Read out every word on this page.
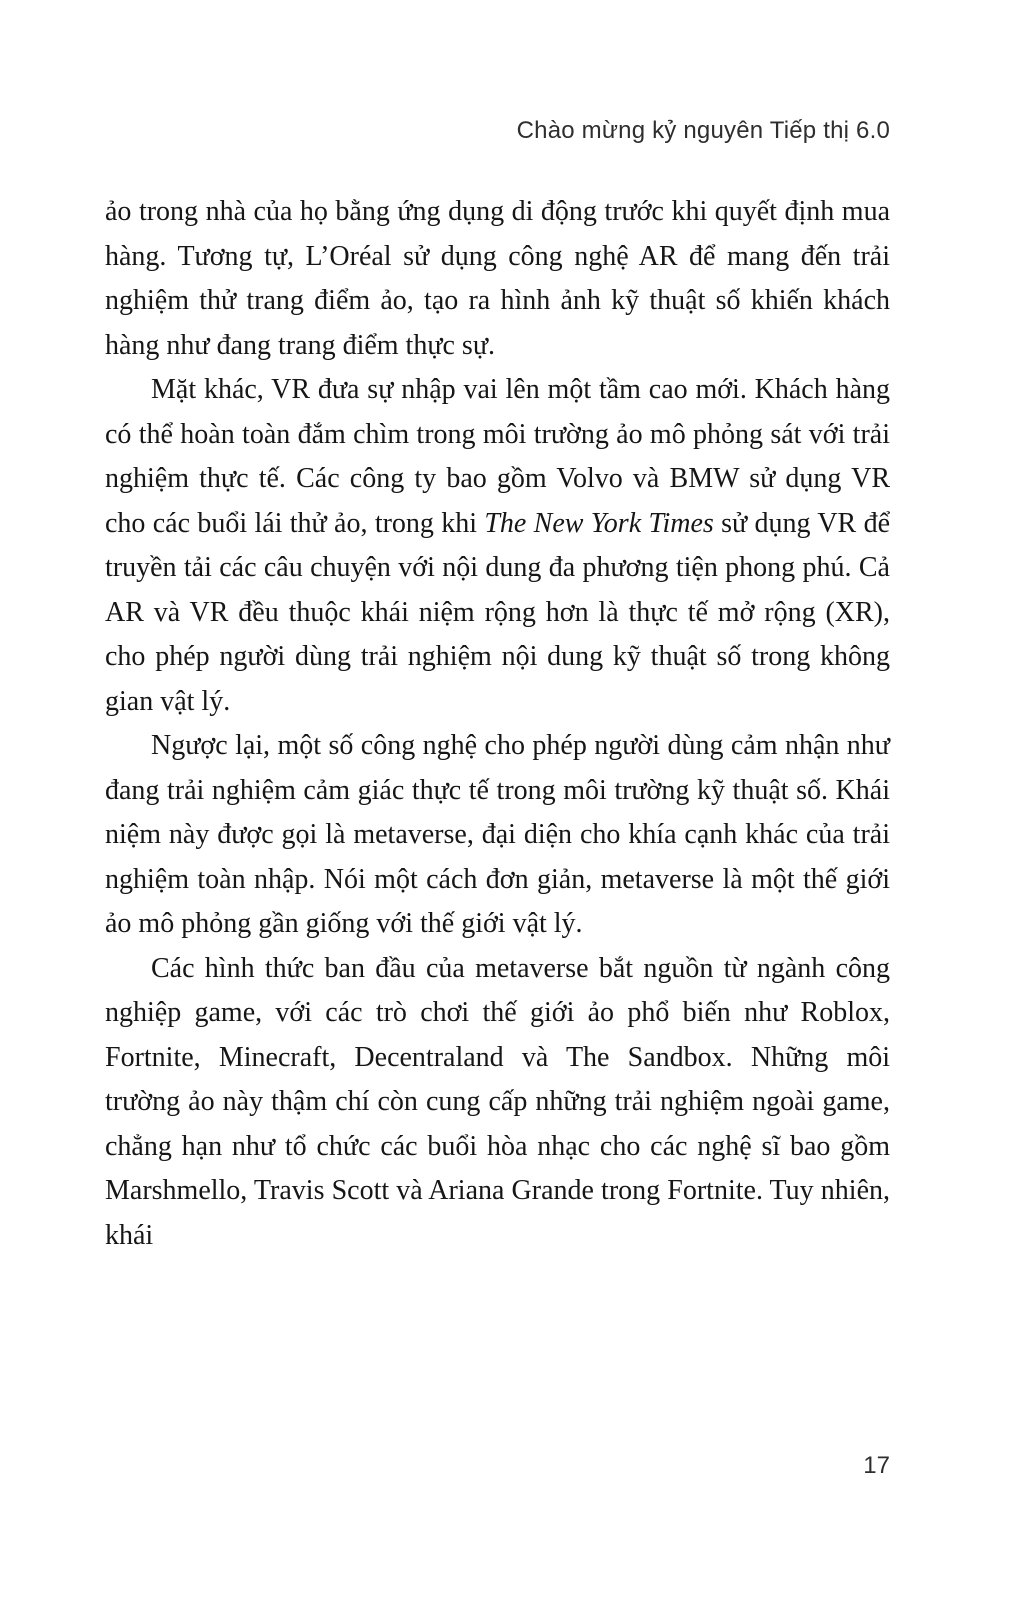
Chào mừng kỷ nguyên Tiếp thị 6.0

ảo trong nhà của họ bằng ứng dụng di động trước khi quyết định mua hàng. Tương tự, L’Oréal sử dụng công nghệ AR để mang đến trải nghiệm thử trang điểm ảo, tạo ra hình ảnh kỹ thuật số khiến khách hàng như đang trang điểm thực sự.

Mặt khác, VR đưa sự nhập vai lên một tầm cao mới. Khách hàng có thể hoàn toàn đắm chìm trong môi trường ảo mô phỏng sát với trải nghiệm thực tế. Các công ty bao gồm Volvo và BMW sử dụng VR cho các buổi lái thử ảo, trong khi The New York Times sử dụng VR để truyền tải các câu chuyện với nội dung đa phương tiện phong phú. Cả AR và VR đều thuộc khái niệm rộng hơn là thực tế mở rộng (XR), cho phép người dùng trải nghiệm nội dung kỹ thuật số trong không gian vật lý.

Ngược lại, một số công nghệ cho phép người dùng cảm nhận như đang trải nghiệm cảm giác thực tế trong môi trường kỹ thuật số. Khái niệm này được gọi là metaverse, đại diện cho khía cạnh khác của trải nghiệm toàn nhập. Nói một cách đơn giản, metaverse là một thế giới ảo mô phỏng gần giống với thế giới vật lý.

Các hình thức ban đầu của metaverse bắt nguồn từ ngành công nghiệp game, với các trò chơi thế giới ảo phổ biến như Roblox, Fortnite, Minecraft, Decentraland và The Sandbox. Những môi trường ảo này thậm chí còn cung cấp những trải nghiệm ngoài game, chẳng hạn như tổ chức các buổi hòa nhạc cho các nghệ sĩ bao gồm Marshmello, Travis Scott và Ariana Grande trong Fortnite. Tuy nhiên, khái

17
